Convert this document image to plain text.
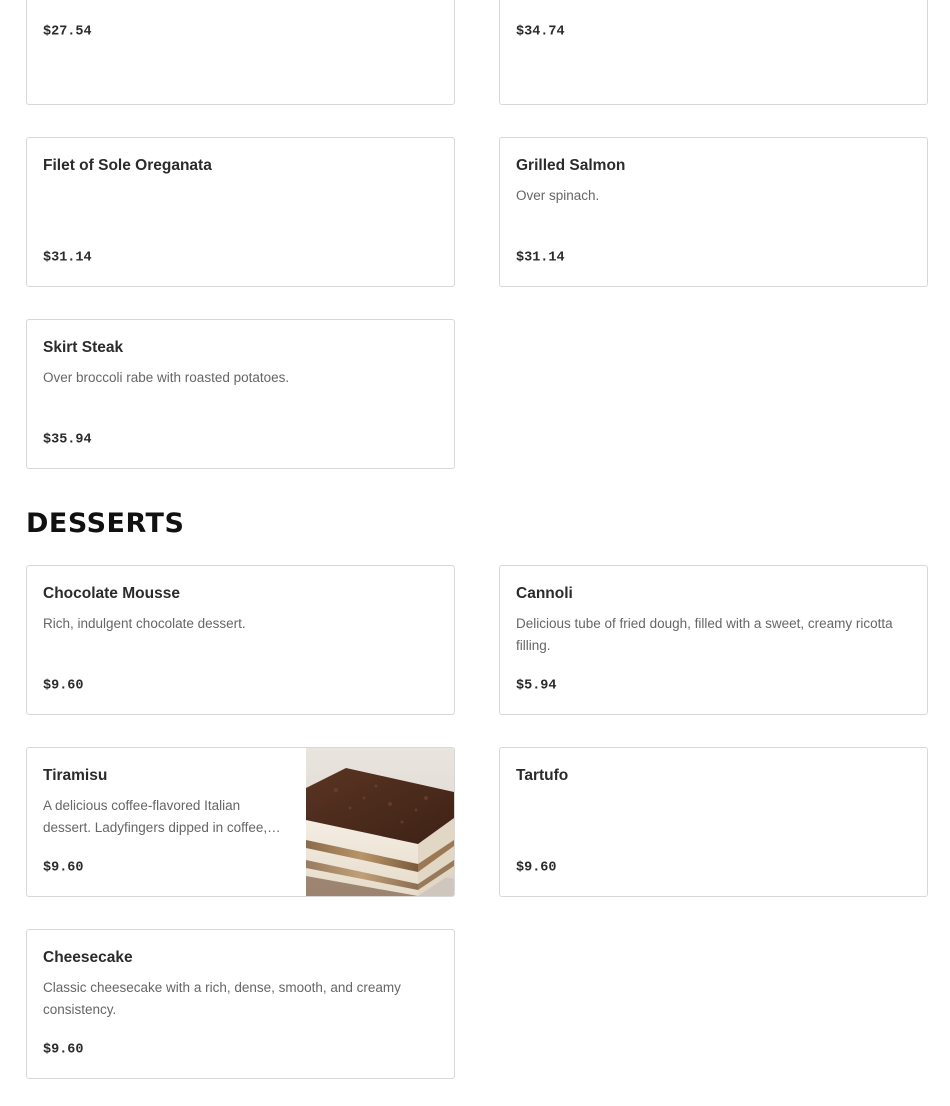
$27.54	$34.74
Filet of Sole Oreganata
$31.14
Grilled Salmon
Over spinach.
$31.14
Skirt Steak
Over broccoli rabe with roasted potatoes.
$35.94
DESSERTS
Chocolate Mousse
Rich, indulgent chocolate dessert.
$9.60
Cannoli
Delicious tube of fried dough, filled with a sweet, creamy ricotta filling.
$5.94
Tiramisu
A delicious coffee-flavored Italian dessert. Ladyfingers dipped in coffee,
$9.60
Tartufo
$9.60
Cheesecake
Classic cheesecake with a rich, dense, smooth, and creamy consistency.
$9.60
